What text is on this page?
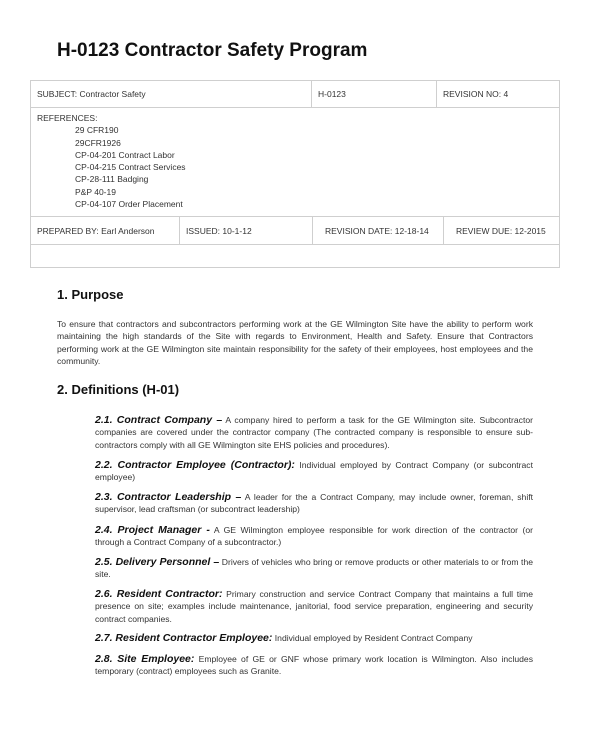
H-0123 Contractor Safety Program
SUBJECT: Contractor Safety	H-0123	REVISION NO: 4

REFERENCES:
29 CFR190
29CFR1926
CP-04-201 Contract Labor
CP-04-215 Contract Services
CP-28-111 Badging
P&P 40-19
CP-04-107 Order Placement

PREPARED BY: Earl Anderson	ISSUED: 10-1-12	REVISION DATE: 12-18-14	REVIEW DUE: 12-2015
1. Purpose

To ensure that contractors and subcontractors performing work at the GE Wilmington Site have the ability to perform work maintaining the high standards of the Site with regards to Environment, Health and Safety. Ensure that Contractors performing work at the GE Wilmington site maintain responsibility for the safety of their employees, host employees and the community.

2. Definitions (H-01)

2.1. Contract Company – A company hired to perform a task for the GE Wilmington site. Subcontractor companies are covered under the contractor company (The contracted company is responsible to ensure sub-contractors comply with all GE Wilmington site EHS policies and procedures).

2.2. Contractor Employee (Contractor): Individual employed by Contract Company (or subcontract employee)

2.3. Contractor Leadership – A leader for the a Contract Company, may include owner, foreman, shift supervisor, lead craftsman (or subcontract leadership)

2.4. Project Manager - A GE Wilmington employee responsible for work direction of the contractor (or through a Contract Company of a subcontractor.)

2.5. Delivery Personnel – Drivers of vehicles who bring or remove products or other materials to or from the site.

2.6. Resident Contractor: Primary construction and service Contract Company that maintains a full time presence on site; examples include maintenance, janitorial, food service preparation, engineering and security contract companies.

2.7. Resident Contractor Employee: Individual employed by Resident Contract Company

2.8. Site Employee: Employee of GE or GNF whose primary work location is Wilmington. Also includes temporary (contract) employees such as Granite.
